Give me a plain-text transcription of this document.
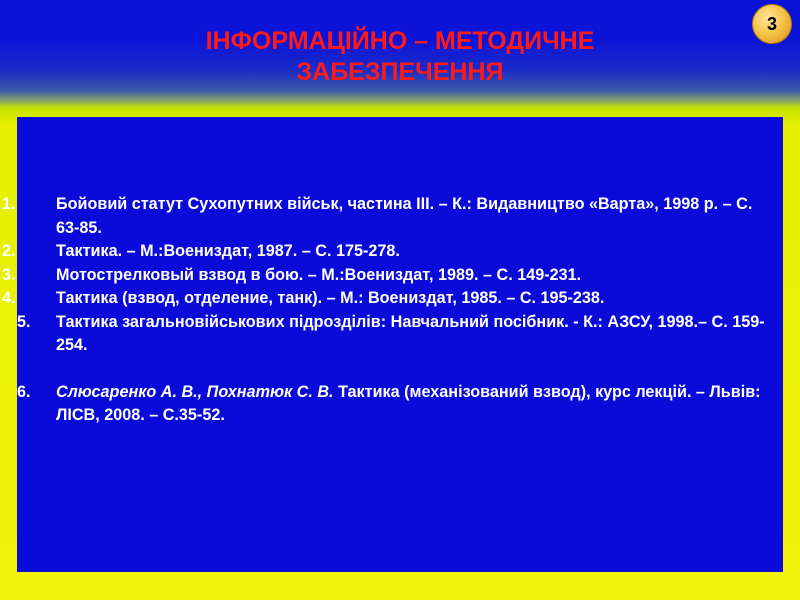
ІНФОРМАЦІЙНО – МЕТОДИЧНЕ ЗАБЕЗПЕЧЕННЯ
3
1. Бойовий статут Сухопутних військ, частина ІІІ. – К.: Видавництво «Варта», 1998 р. – С. 63-85.
2. Тактика. – М.:Воениздат, 1987. – С. 175-278.
3. Мотострелковый взвод в бою. – М.:Воениздат, 1989. – С. 149-231.
4. Тактика (взвод, отделение, танк). – М.: Воениздат, 1985. – С. 195-238.
5. Тактика загальновійськових підрозділів: Навчальний посібник. - К.: АЗСУ, 1998.– С. 159-254.
6. Слюсаренко А. В., Похнатюк С. В. Тактика (механізований взвод), курс лекцій. – Львів: ЛІСВ, 2008. – С.35-52.
